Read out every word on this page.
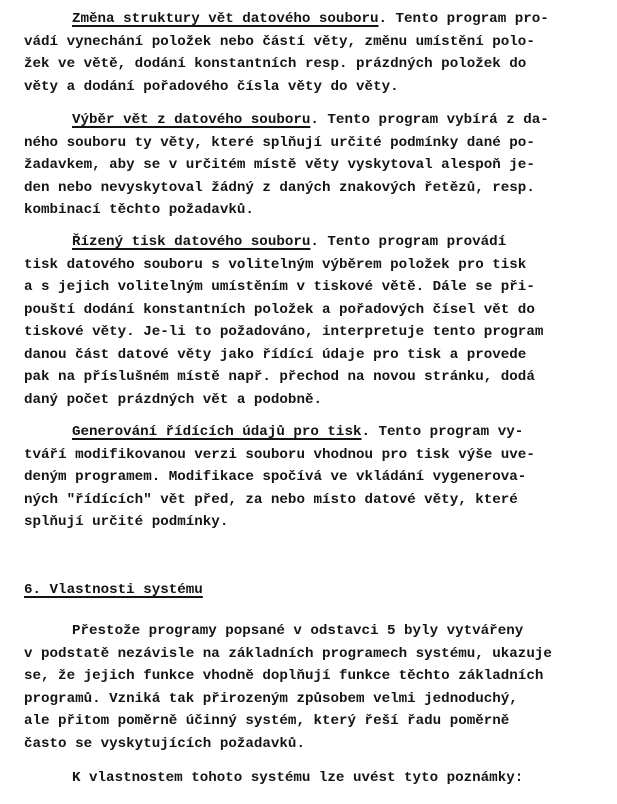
Změna struktury vět datového souboru. Tento program pro-
vádí vynechání položek nebo částí věty, změnu umístění polo-
žek ve větě, dodání konstantních resp. prázdných položek do
věty a dodání pořadového čísla věty do věty.
Výběr vět z datového souboru. Tento program vybírá z da-
ného souboru ty věty, které splňují určité podmínky dané po-
žadavkem, aby se v určitém místě věty vyskytoval alespoň je-
den nebo nevyskytoval žádný z daných znakových řetězů, resp.
kombinací těchto požadavků.
Řízený tisk datového souboru. Tento program provádí
tisk datového souboru s volitelným výběrem položek pro tisk
a s jejich volitelným umístěním v tiskové větě. Dále se při-
pouští dodání konstantních položek a pořadových čísel vět do
tiskové věty. Je-li to požadováno, interpretuje tento program
danou část datové věty jako řídící údaje pro tisk a provede
pak na příslušném místě např. přechod na novou stránku, dodá
daný počet prázdných vět a podobně.
Generování řídících údajů pro tisk. Tento program vy-
tváří modifikovanou verzi souboru vhodnou pro tisk výše uve-
deným programem. Modifikace spočívá ve vkládání vygenerova-
ných "řídících" vět před, za nebo místo datové věty, které
splňují určité podmínky.
6. Vlastnosti systému
Přestože programy popsané v odstavci 5 byly vytvářeny
v podstatě nezávisle na základních programech systému, ukazuje
se, že jejich funkce vhodně doplňují funkce těchto základních
programů. Vzniká tak přirozeným způsobem velmi jednoduchý,
ale přitom poměrně účinný systém, který řeší řadu poměrně
často se vyskytujících požadavků.
K vlastnostem tohoto systému lze uvést tyto poznámky:
